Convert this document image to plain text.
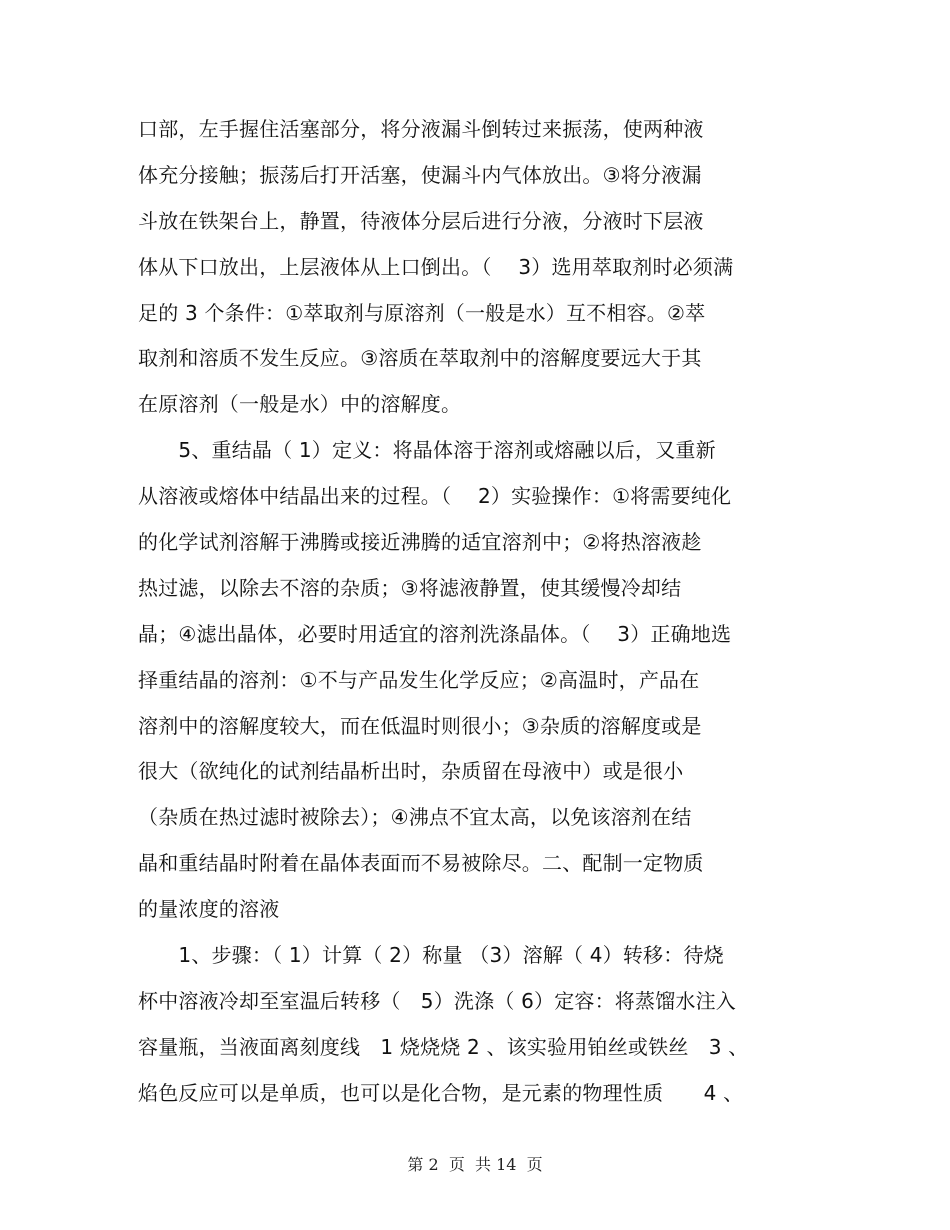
口部，左手握住活塞部分，将分液漏斗倒转过来振荡，使两种液
体充分接触；振荡后打开活塞，使漏斗内气体放出。③将分液漏
斗放在铁架台上，静置，待液体分层后进行分液，分液时下层液
体从下口放出，上层液体从上口倒出。（　 3）选用萃取剂时必须满
足的 3 个条件：①萃取剂与原溶剂（一般是水）互不相容。②萃
取剂和溶质不发生反应。③溶质在萃取剂中的溶解度要远大于其
在原溶剂（一般是水）中的溶解度。
　　5、重结晶（ 1）定义：将晶体溶于溶剂或熔融以后，又重新
从溶液或熔体中结晶出来的过程。（　 2）实验操作：①将需要纯化
的化学试剂溶解于沸腾或接近沸腾的适宜溶剂中；②将热溶液趁
热过滤，以除去不溶的杂质；③将滤液静置，使其缓慢冷却结
晶；④滤出晶体，必要时用适宜的溶剂洗涤晶体。（　 3）正确地选
择重结晶的溶剂：①不与产品发生化学反应；②高温时，产品在
溶剂中的溶解度较大，而在低温时则很小；③杂质的溶解度或是
很大（欲纯化的试剂结晶析出时，杂质留在母液中）或是很小
（杂质在热过滤时被除去）；④沸点不宜太高，以免该溶剂在结
晶和重结晶时附着在晶体表面而不易被除尽。二、配制一定物质
的量浓度的溶液
　　1、步骤：（ 1）计算（ 2）称量 （3）溶解（ 4）转移：待烧
杯中溶液冷却至室温后转移（　5）洗涤（ 6）定容：将蒸馏水注入
容量瓶，当液面离刻度线　1 烧烧烧 2 、该实验用铂丝或铁丝　3 、
焰色反应可以是单质，也可以是化合物，是元素的物理性质　　4 、
第 2  页  共 14  页
